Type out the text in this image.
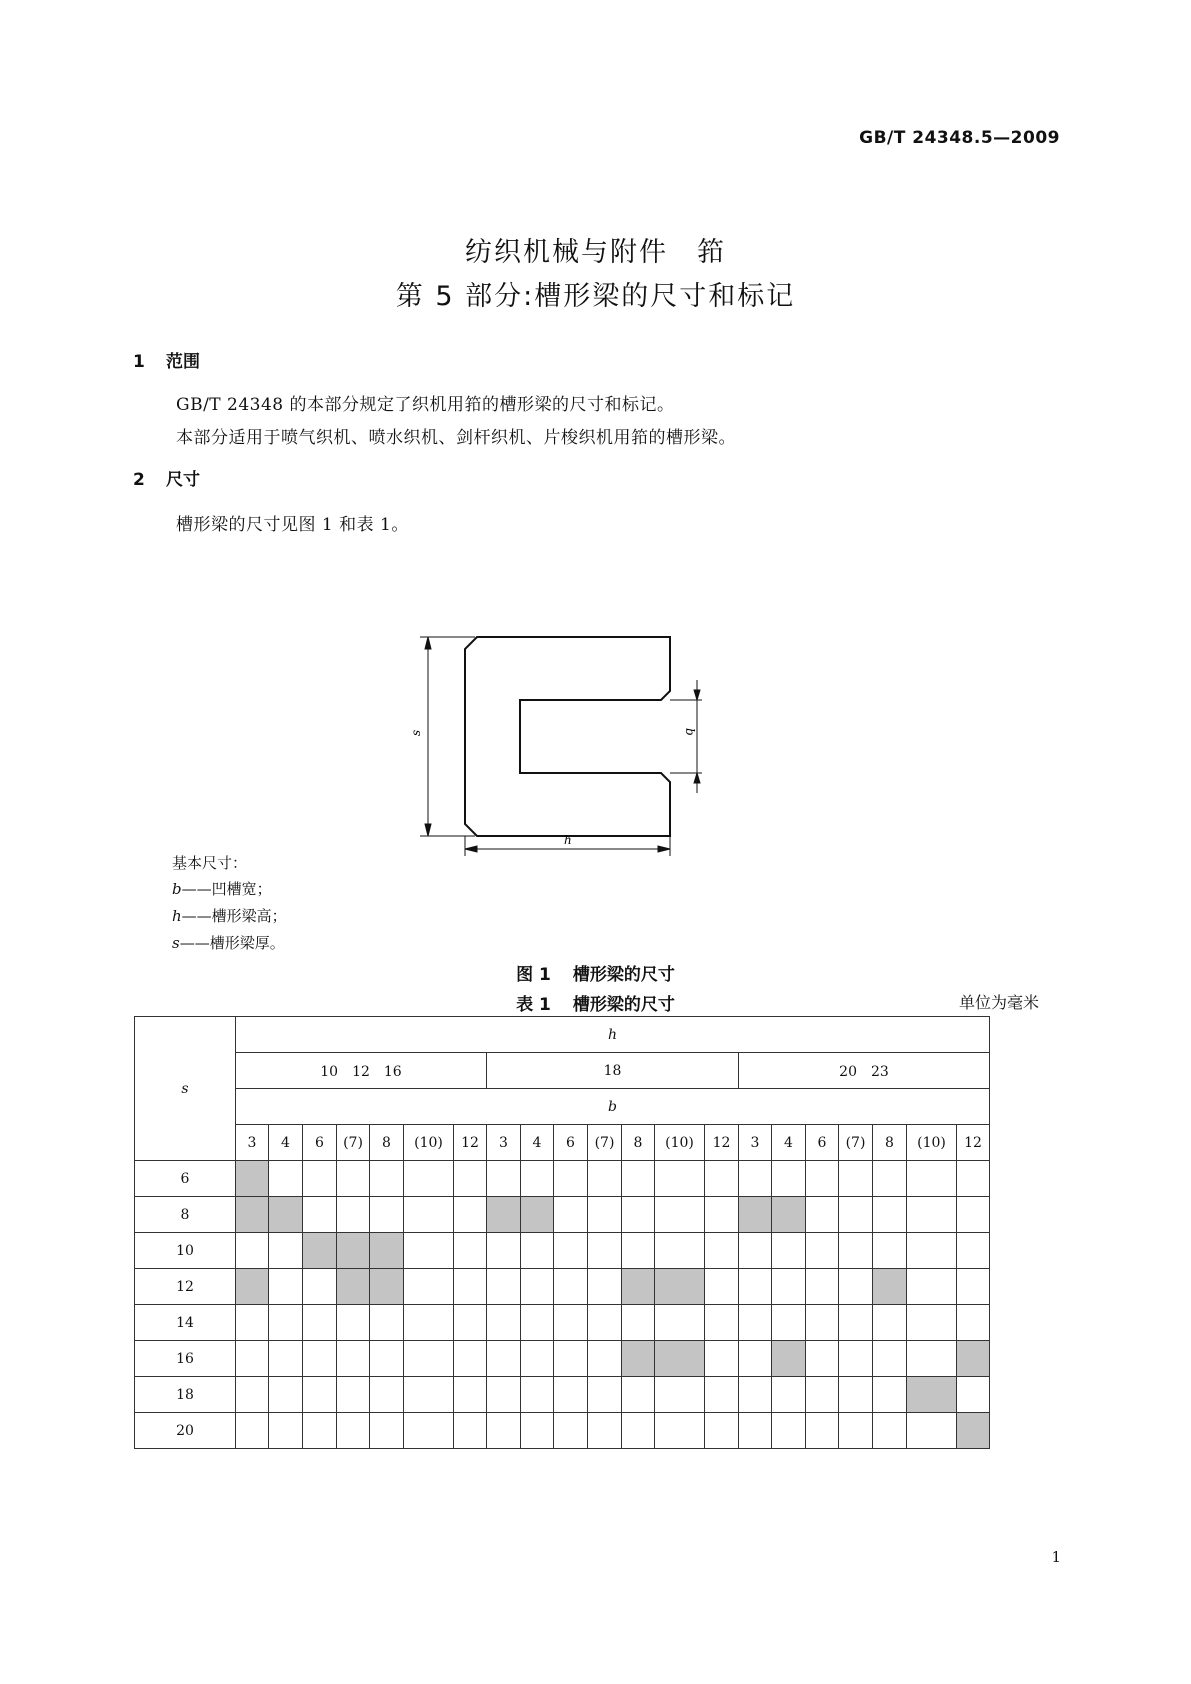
GB/T 24348.5—2009
纺织机械与附件　筘
第 5 部分:槽形梁的尺寸和标记
1 范围
GB/T 24348 的本部分规定了织机用筘的槽形梁的尺寸和标记。
本部分适用于喷气织机、喷水织机、剑杆织机、片梭织机用筘的槽形梁。
2 尺寸
槽形梁的尺寸见图 1 和表 1。
s	b
h
基本尺寸：
b——凹槽宽；
h——槽形梁高；
s——槽形梁厚。
图 1 槽形梁的尺寸
表 1 槽形梁的尺寸	单位为毫米
s	h																				
	10　12　16							18							20　23						
	b																				
	3	4	6	(7)	8	(10)	12	3	4	6	(7)	8	(10)	12	3	4	6	(7)	8	(10)	12
6																					
8																					
10																					
12																					
14																					
16																					
18																					
20																					
1
